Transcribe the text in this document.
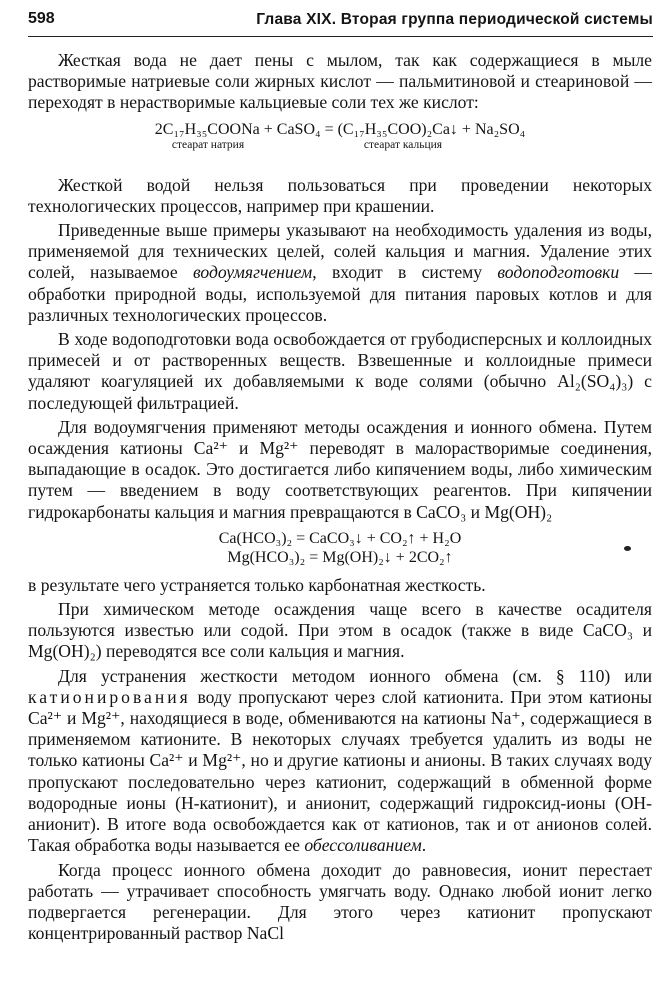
598	Глава XIX. Вторая группа периодической системы

Жесткая вода не дает пены с мылом, так как содержащиеся в мыле растворимые натриевые соли жирных кислот — пальмитиновой и стеариновой — переходят в нерастворимые кальциевые соли тех же кислот:

2C₁₇H₃₅COONa + CaSO₄ = (C₁₇H₃₅COO)₂Ca↓ + Na₂SO₄
стеарат натрия	стеарат кальция

Жесткой водой нельзя пользоваться при проведении некоторых технологических процессов, например при крашении.

Приведенные выше примеры указывают на необходимость удаления из воды, применяемой для технических целей, солей кальция и магния. Удаление этих солей, называемое водоумягчением, входит в систему водоподготовки — обработки природной воды, используемой для питания паровых котлов и для различных технологических процессов.

В ходе водоподготовки вода освобождается от грубодисперсных и коллоидных примесей и от растворенных веществ. Взвешенные и коллоидные примеси удаляют коагуляцией их добавляемыми к воде солями (обычно Al₂(SO₄)₃) с последующей фильтрацией.

Для водоумягчения применяют методы осаждения и ионного обмена. Путем осаждения катионы Ca²⁺ и Mg²⁺ переводят в малорастворимые соединения, выпадающие в осадок. Это достигается либо кипячением воды, либо химическим путем — введением в воду соответствующих реагентов. При кипячении гидрокарбонаты кальция и магния превращаются в CaCO₃ и Mg(OH)₂

Ca(HCO₃)₂ = CaCO₃↓ + CO₂↑ + H₂O
Mg(HCO₃)₂ = Mg(OH)₂↓ + 2CO₂↑

в результате чего устраняется только карбонатная жесткость.

При химическом методе осаждения чаще всего в качестве осадителя пользуются известью или содой. При этом в осадок (также в виде CaCO₃ и Mg(OH)₂) переводятся все соли кальция и магния.

Для устранения жесткости методом ионного обмена (см. § 110) или катионирования воду пропускают через слой катионита. При этом катионы Ca²⁺ и Mg²⁺, находящиеся в воде, обмениваются на катионы Na⁺, содержащиеся в применяемом катионите. В некоторых случаях требуется удалить из воды не только катионы Ca²⁺ и Mg²⁺, но и другие катионы и анионы. В таких случаях воду пропускают последовательно через катионит, содержащий в обменной форме водородные ионы (H-катионит), и анионит, содержащий гидроксид-ионы (OH-анионит). В итоге вода освобождается как от катионов, так и от анионов солей. Такая обработка воды называется ее обессоливанием.

Когда процесс ионного обмена доходит до равновесия, ионит перестает работать — утрачивает способность умягчать воду. Однако любой ионит легко подвергается регенерации. Для этого через катионит пропускают концентрированный раствор NaCl
